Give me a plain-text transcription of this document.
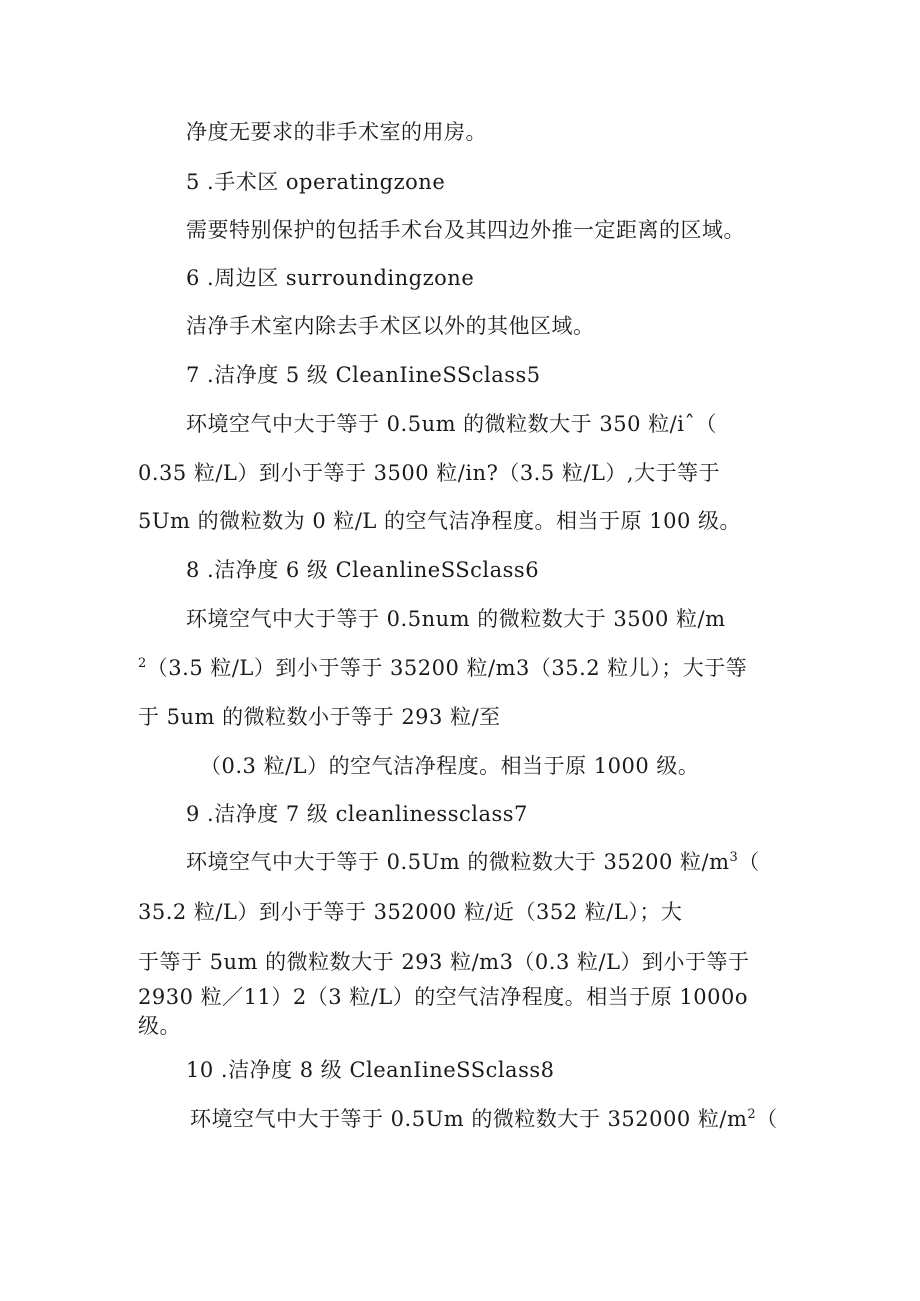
净度无要求的非手术室的用房。
5 .手术区 operatingzone
需要特别保护的包括手术台及其四边外推一定距离的区域。
6 .周边区 surroundingzone
洁净手术室内除去手术区以外的其他区域。
7 .洁净度 5 级 CleanIineSSclass5
环境空气中大于等于 0.5um 的微粒数大于 350 粒/iˆ（
0.35 粒/L）到小于等于 3500 粒/in?（3.5 粒/L）,大于等于
5Um 的微粒数为 0 粒/L 的空气洁净程度。相当于原 100 级。
8 .洁净度 6 级 CleanlineSSclass6
环境空气中大于等于 0.5num 的微粒数大于 3500 粒/m
$^2$（3.5 粒/L）到小于等于 35200 粒/m3（35.2 粒儿）；大于等
于 5um 的微粒数小于等于 293 粒/至
（0.3 粒/L）的空气洁净程度。相当于原 1000 级。
9 .洁净度 7 级 cleanlinessclass7
环境空气中大于等于 0.5Um 的微粒数大于 35200 粒$/m^3$（
35.2 粒/L）到小于等于 352000 粒/近（352 粒/L）；大
于等于 5um 的微粒数大于 293 粒/m3（0.3 粒/L）到小于等于
2930 粒／11）2（3 粒/L）的空气洁净程度。相当于原 1000o
级。
10 .洁净度 8 级 CleanIineSSclass8
环境空气中大于等于 0.5Um 的微粒数大于 352000 粒$/m^2$（
